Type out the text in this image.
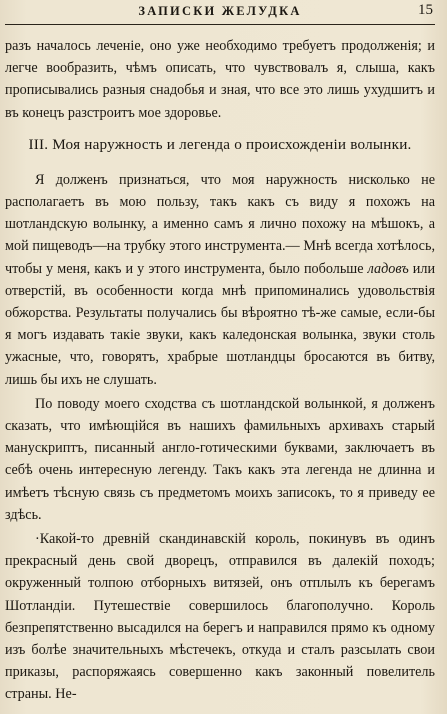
ЗАПИСКИ ЖЕЛУДКА	15

разъ началось леченіе, оно уже необходимо требуетъ продолженія; и легче вообразить, чѣмъ описать, что чувствовалъ я, слыша, какъ прописывались разныя снадобья и зная, что все это лишь ухудшитъ и въ конецъ разстроитъ мое здоровье.

III. Моя наружность и легенда о происхожденіи волынки.

Я долженъ признаться, что моя наружность нисколько не располагаетъ въ мою пользу, такъ какъ съ виду я похожъ на шотландскую волынку, а именно самъ я лично похожу на мѣшокъ, а мой пищеводъ—на трубку этого инструмента.— Мнѣ всегда хотѣлось, чтобы у меня, какъ и у этого инструмента, было побольше ладовъ или отверстій, въ особенности когда мнѣ припоминались удовольствія обжорства. Результаты получались бы вѣроятно тѣ-же самые, если-бы я могъ издавать такіе звуки, какъ каледонская волынка, звуки столь ужасные, что, говорятъ, храбрые шотландцы бросаются въ битву, лишь бы ихъ не слушать.

По поводу моего сходства съ шотландской волынкой, я долженъ сказать, что имѣющійся въ нашихъ фамильныхъ архивахъ старый манускриптъ, писанный англо-готическими буквами, заключаетъ въ себѣ очень интересную легенду. Такъ какъ эта легенда не длинна и имѣетъ тѣсную связь съ предметомъ моихъ записокъ, то я приведу ее здѣсь.

·Какой-то древній скандинавскій король, покинувъ въ одинъ прекрасный день свой дворецъ, отправился въ далекій походъ; окруженный толпою отборныхъ витязей, онъ отплылъ къ берегамъ Шотландіи. Путешествіе совершилось благополучно. Король безпрепятственно высадился на берегъ и направился прямо къ одному изъ болѣе значительныхъ мѣстечекъ, откуда и сталъ разсылать свои приказы, распоряжаясь совершенно какъ законный повелитель страны. Не-
